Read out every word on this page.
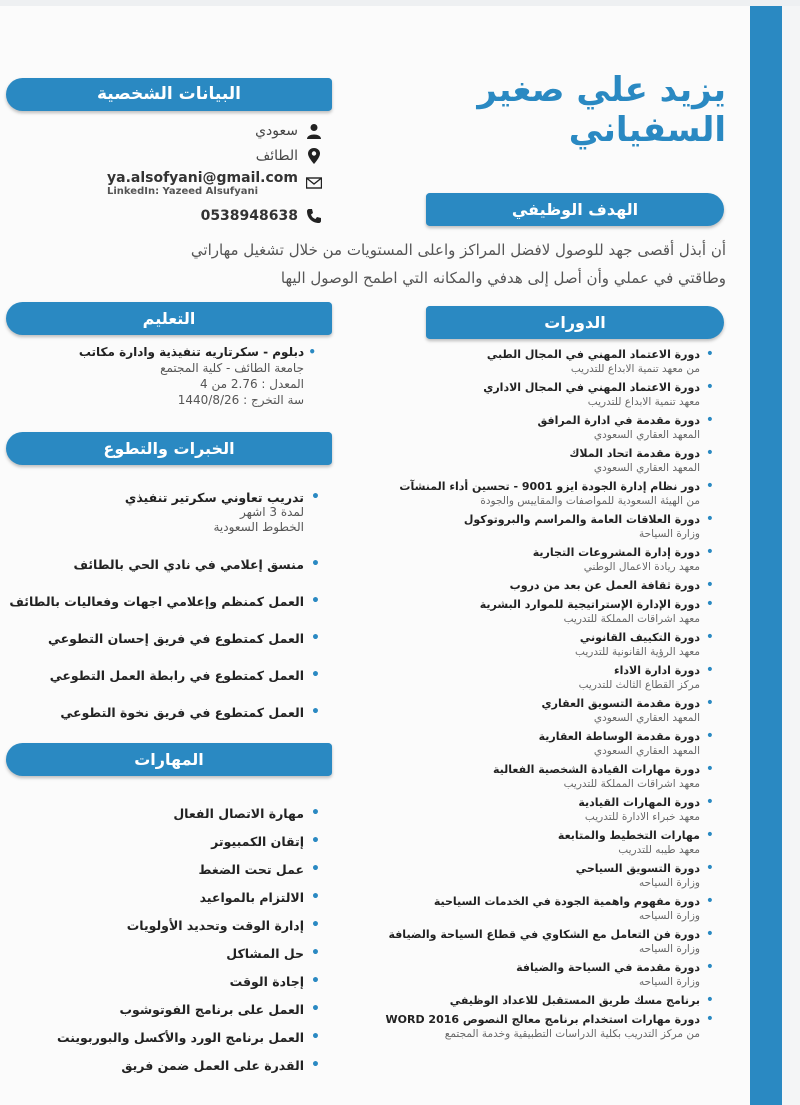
يزيد علي صغير السفياني
البيانات الشخصية
سعودي
الطائف
ya.alsofyani@gmail.com
LinkedIn: Yazeed Alsufyani
0538948638	الهدف الوظيفي
أن أبذل أقصى جهد للوصول لافضل المراكز واعلى المستويات من خلال تشغيل مهاراتي
وطاقتي في عملي وأن أصل إلى هدفي والمكانه التي اطمح الوصول اليها
التعليم
• دبلوم - سكرتاريه تنفيذية وادارة مكاتب
جامعة الطائف - كلية المجتمع
المعدل : 2.76 من 4
سة التخرج : 1440/8/26
الخبرات والتطوع
• تدريب تعاوني سكرتير تنفيذي
لمدة 3 اشهر
الخطوط السعودية
• منسق إعلامي في نادي الحي بالطائف
• العمل كمنظم وإعلامي اجهات وفعاليات بالطائف
• العمل كمتطوع في فريق إحسان التطوعي
• العمل كمتطوع في رابطة العمل التطوعي
• العمل كمتطوع في فريق نخوة التطوعي
الدورات
• دورة الاعتماد المهني في المجال الطبي
من معهد تنمية الابداع للتدريب
• دورة الاعتماد المهني في المجال الاداري
معهد تنمية الابداع للتدريب
• دورة مقدمة في ادارة المرافق
المعهد العقاري السعودي
• دورة مقدمة اتحاد الملاك
المعهد العقاري السعودي
• دور نظام إدارة الجودة ايزو 9001 - تحسين أداء المنشآت
من الهيئة السعودية للمواصفات والمقاييس والجودة
• دورة العلاقات العامة والمراسم والبروتوكول
وزارة السياحة
• دورة إدارة المشروعات التجارية
معهد ريادة الاعمال الوطني
• دورة ثقافة العمل عن بعد من دروب
• دورة الإدارة الإستراتيجية للموارد البشرية
معهد اشراقات المملكة للتدريب
• دورة التكييف القانوني
معهد الرؤية القانونية للتدريب
• دورة ادارة الاداء
مركز القطاع الثالث للتدريب
• دورة مقدمة التسويق العقاري
المعهد العقاري السعودي
• دورة مقدمة الوساطة العقارية
المعهد العقاري السعودي
• دورة مهارات القيادة الشخصية الفعالية
معهد اشراقات المملكة للتدريب
• دورة المهارات القيادية
معهد خبراء الادارة للتدريب
• مهارات التخطيط والمتابعة
معهد طيبه للتدريب
• دورة التسويق السياحي
وزارة السياحه
• دورة مفهوم واهمية الجودة في الخدمات السياحية
وزارة السياحه
• دورة فن التعامل مع الشكاوي في قطاع السياحة والضيافة
وزارة السياحه
• دورة مقدمة في السياحة والضيافة
وزارة السياحه
• برنامج مسك طريق المستقبل للاعداد الوظيفي
• دورة مهارات استخدام برنامج معالج النصوص WORD 2016
من مركز التدريب بكلية الدراسات التطبيقية وخدمة المجتمع
المهارات
• مهارة الاتصال الفعال
• إتقان الكمبيوتر
• عمل تحت الضغط
• الالتزام بالمواعيد
• إدارة الوقت وتحديد الأولويات
• حل المشاكل
• إجادة الوقت
• العمل على برنامج الفوتوشوب
• العمل برنامج الورد والأكسل والبوربوينت
• القدرة على العمل ضمن فريق
